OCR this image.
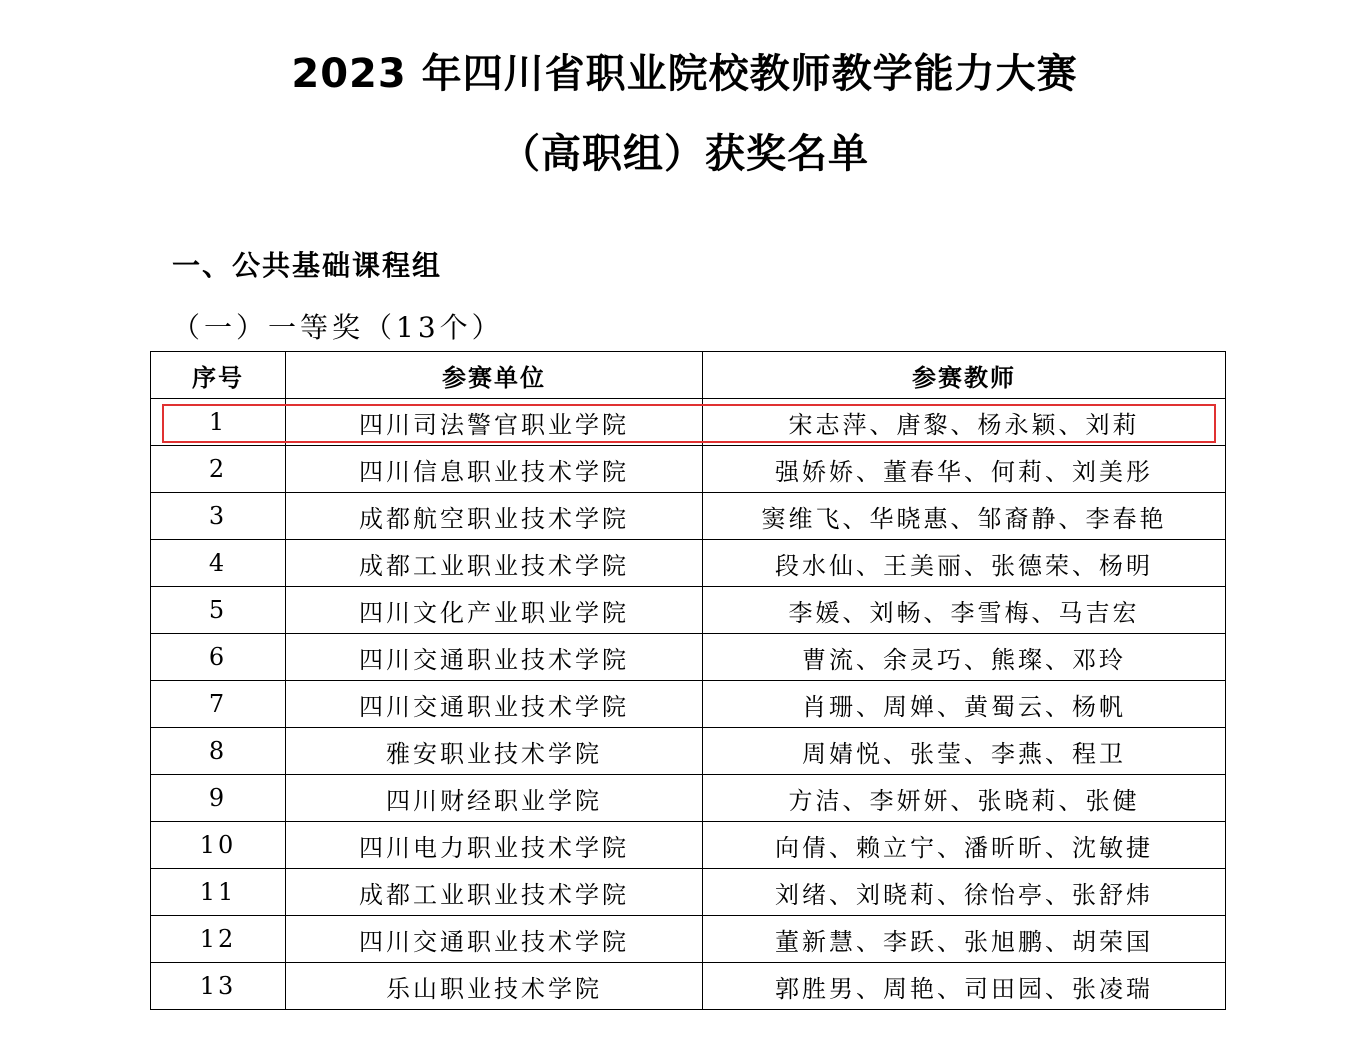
2023 年四川省职业院校教师教学能力大赛
（高职组）获奖名单
一、公共基础课程组
（一）一等奖（13个）
序号	参赛单位	参赛教师
1	四川司法警官职业学院	宋志萍、唐黎、杨永颖、刘莉
2	四川信息职业技术学院	强娇娇、董春华、何莉、刘美彤
3	成都航空职业技术学院	窦维飞、华晓惠、邹裔静、李春艳
4	成都工业职业技术学院	段水仙、王美丽、张德荣、杨明
5	四川文化产业职业学院	李媛、刘畅、李雪梅、马吉宏
6	四川交通职业技术学院	曹流、余灵巧、熊璨、邓玲
7	四川交通职业技术学院	肖珊、周婵、黄蜀云、杨帆
8	雅安职业技术学院	周婧悦、张莹、李燕、程卫
9	四川财经职业学院	方洁、李妍妍、张晓莉、张健
10	四川电力职业技术学院	向倩、赖立宁、潘昕昕、沈敏捷
11	成都工业职业技术学院	刘绪、刘晓莉、徐怡亭、张舒炜
12	四川交通职业技术学院	董新慧、李跃、张旭鹏、胡荣国
13	乐山职业技术学院	郭胜男、周艳、司田园、张凌瑞
